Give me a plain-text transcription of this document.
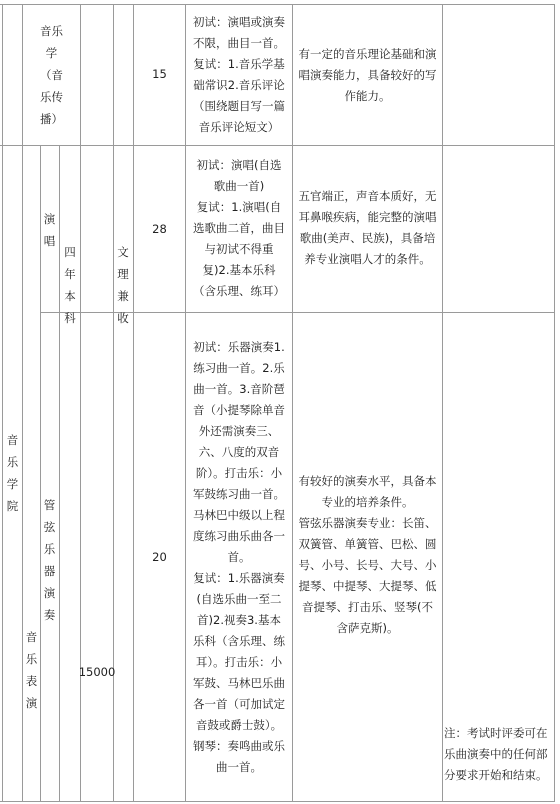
音
乐
学
院
音乐
学
（音
乐传
播）
演
唱
管
弦
乐
器
演
奏
音
乐
表
演
四
年
本
科
15000
文
理
兼
收
15
初试：演唱或演奏
不限，曲目一首。
复试：1.音乐学基
础常识2.音乐评论
（围绕题目写一篇
音乐评论短文）
有一定的音乐理论基础和演
唱演奏能力，具备较好的写
作能力。
28
初试：演唱(自选
歌曲一首)
复试：1.演唱(自
选歌曲二首，曲目
与初试不得重
复)2.基本乐科
（含乐理、练耳）
五官端正，声音本质好，无
耳鼻喉疾病，能完整的演唱
歌曲(美声、民族)，具备培
养专业演唱人才的条件。
20
初试：乐器演奏1.
练习曲一首。2.乐
曲一首。3.音阶琶
音（小提琴除单音
外还需演奏三、
六、八度的双音
阶）。打击乐：小
军鼓练习曲一首。
马林巴中级以上程
度练习曲乐曲各一
首。
复试：1.乐器演奏
(自选乐曲一至二
首)2.视奏3.基本
乐科（含乐理、练
耳）。打击乐：小
军鼓、马林巴乐曲
各一首（可加试定
音鼓或爵士鼓）。
钢琴：奏鸣曲或乐
曲一首。
有较好的演奏水平，具备本
专业的培养条件。
管弦乐器演奏专业：长笛、
双簧管、单簧管、巴松、圆
号、小号、长号、大号、小
提琴、中提琴、大提琴、低
音提琴、打击乐、竖琴(不
含萨克斯)。
注：考试时评委可在
乐曲演奏中的任何部
分要求开始和结束。
